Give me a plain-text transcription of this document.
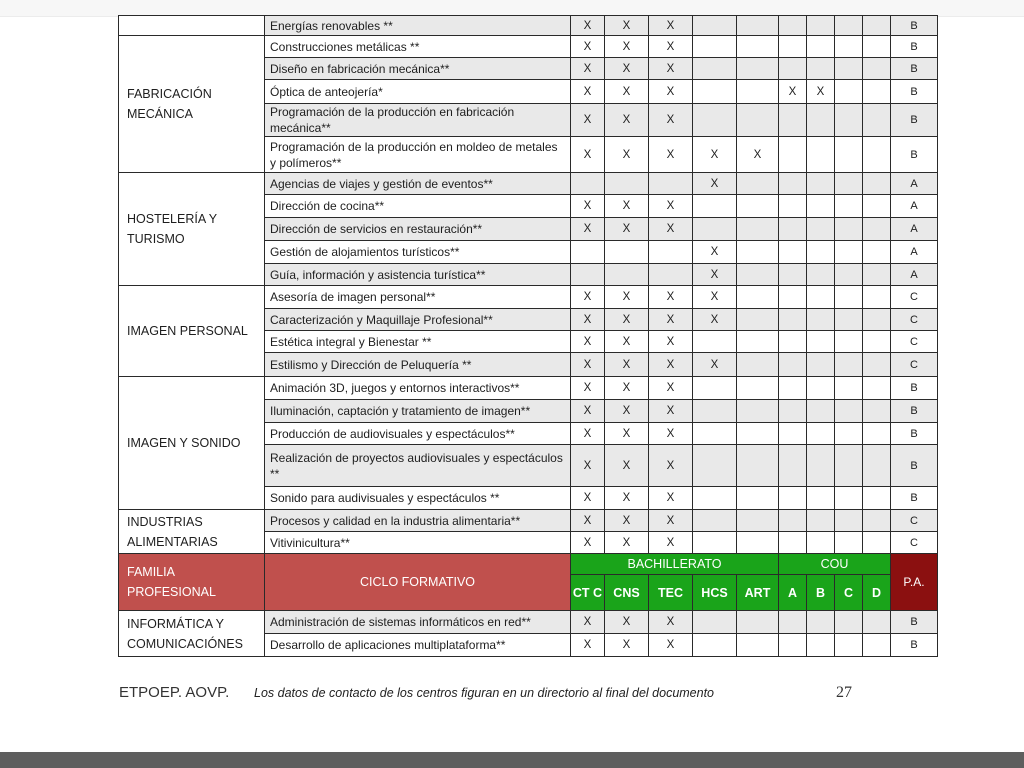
	Energías renovables **	X	X	X							B
FABRICACIÓN MECÁNICA	Construcciones metálicas **	X	X	X							B
	Diseño en fabricación mecánica**	X	X	X							B
	Óptica de anteojería*	X	X	X			X	X			B
	Programación de la producción en fabricación mecánica**	X	X	X							B
	Programación de la producción en moldeo de metales y polímeros**	X	X	X	X	X					B
HOSTELERÍA Y TURISMO	Agencias de viajes y gestión de eventos**				X						A
	Dirección de cocina**	X	X	X							A
	Dirección de servicios en restauración**	X	X	X							A
	Gestión de alojamientos turísticos**				X						A
	Guía, información y asistencia turística**				X						A
IMAGEN PERSONAL	Asesoría de imagen personal**	X	X	X	X						C
	Caracterización y Maquillaje Profesional**	X	X	X	X						C
	Estética integral y Bienestar **	X	X	X							C
	Estilismo y Dirección de Peluquería **	X	X	X	X						C
IMAGEN Y SONIDO	Animación 3D, juegos y entornos interactivos**	X	X	X							B
	Iluminación, captación y tratamiento de imagen**	X	X	X							B
	Producción de audiovisuales y espectáculos**	X	X	X							B
	Realización de proyectos audiovisuales y espectáculos **	X	X	X							B
	Sonido para audivisuales y espectáculos **	X	X	X							B
INDUSTRIAS ALIMENTARIAS	Procesos y calidad en la industria alimentaria**	X	X	X							C
	Vitivinicultura**	X	X	X							C
FAMILIA PROFESIONAL	CICLO FORMATIVO	BACHILLERATO					COU				P.A.
		CT C	CNS	TEC	HCS	ART	A	B	C	D	
INFORMÁTICA Y COMUNICACIÓNES	Administración de sistemas informáticos en red**	X	X	X							B
	Desarrollo de aplicaciones multiplataforma**	X	X	X							B
ETPOEP. AOVP. Los datos de contacto de los centros figuran en un directorio al final del documento	27
